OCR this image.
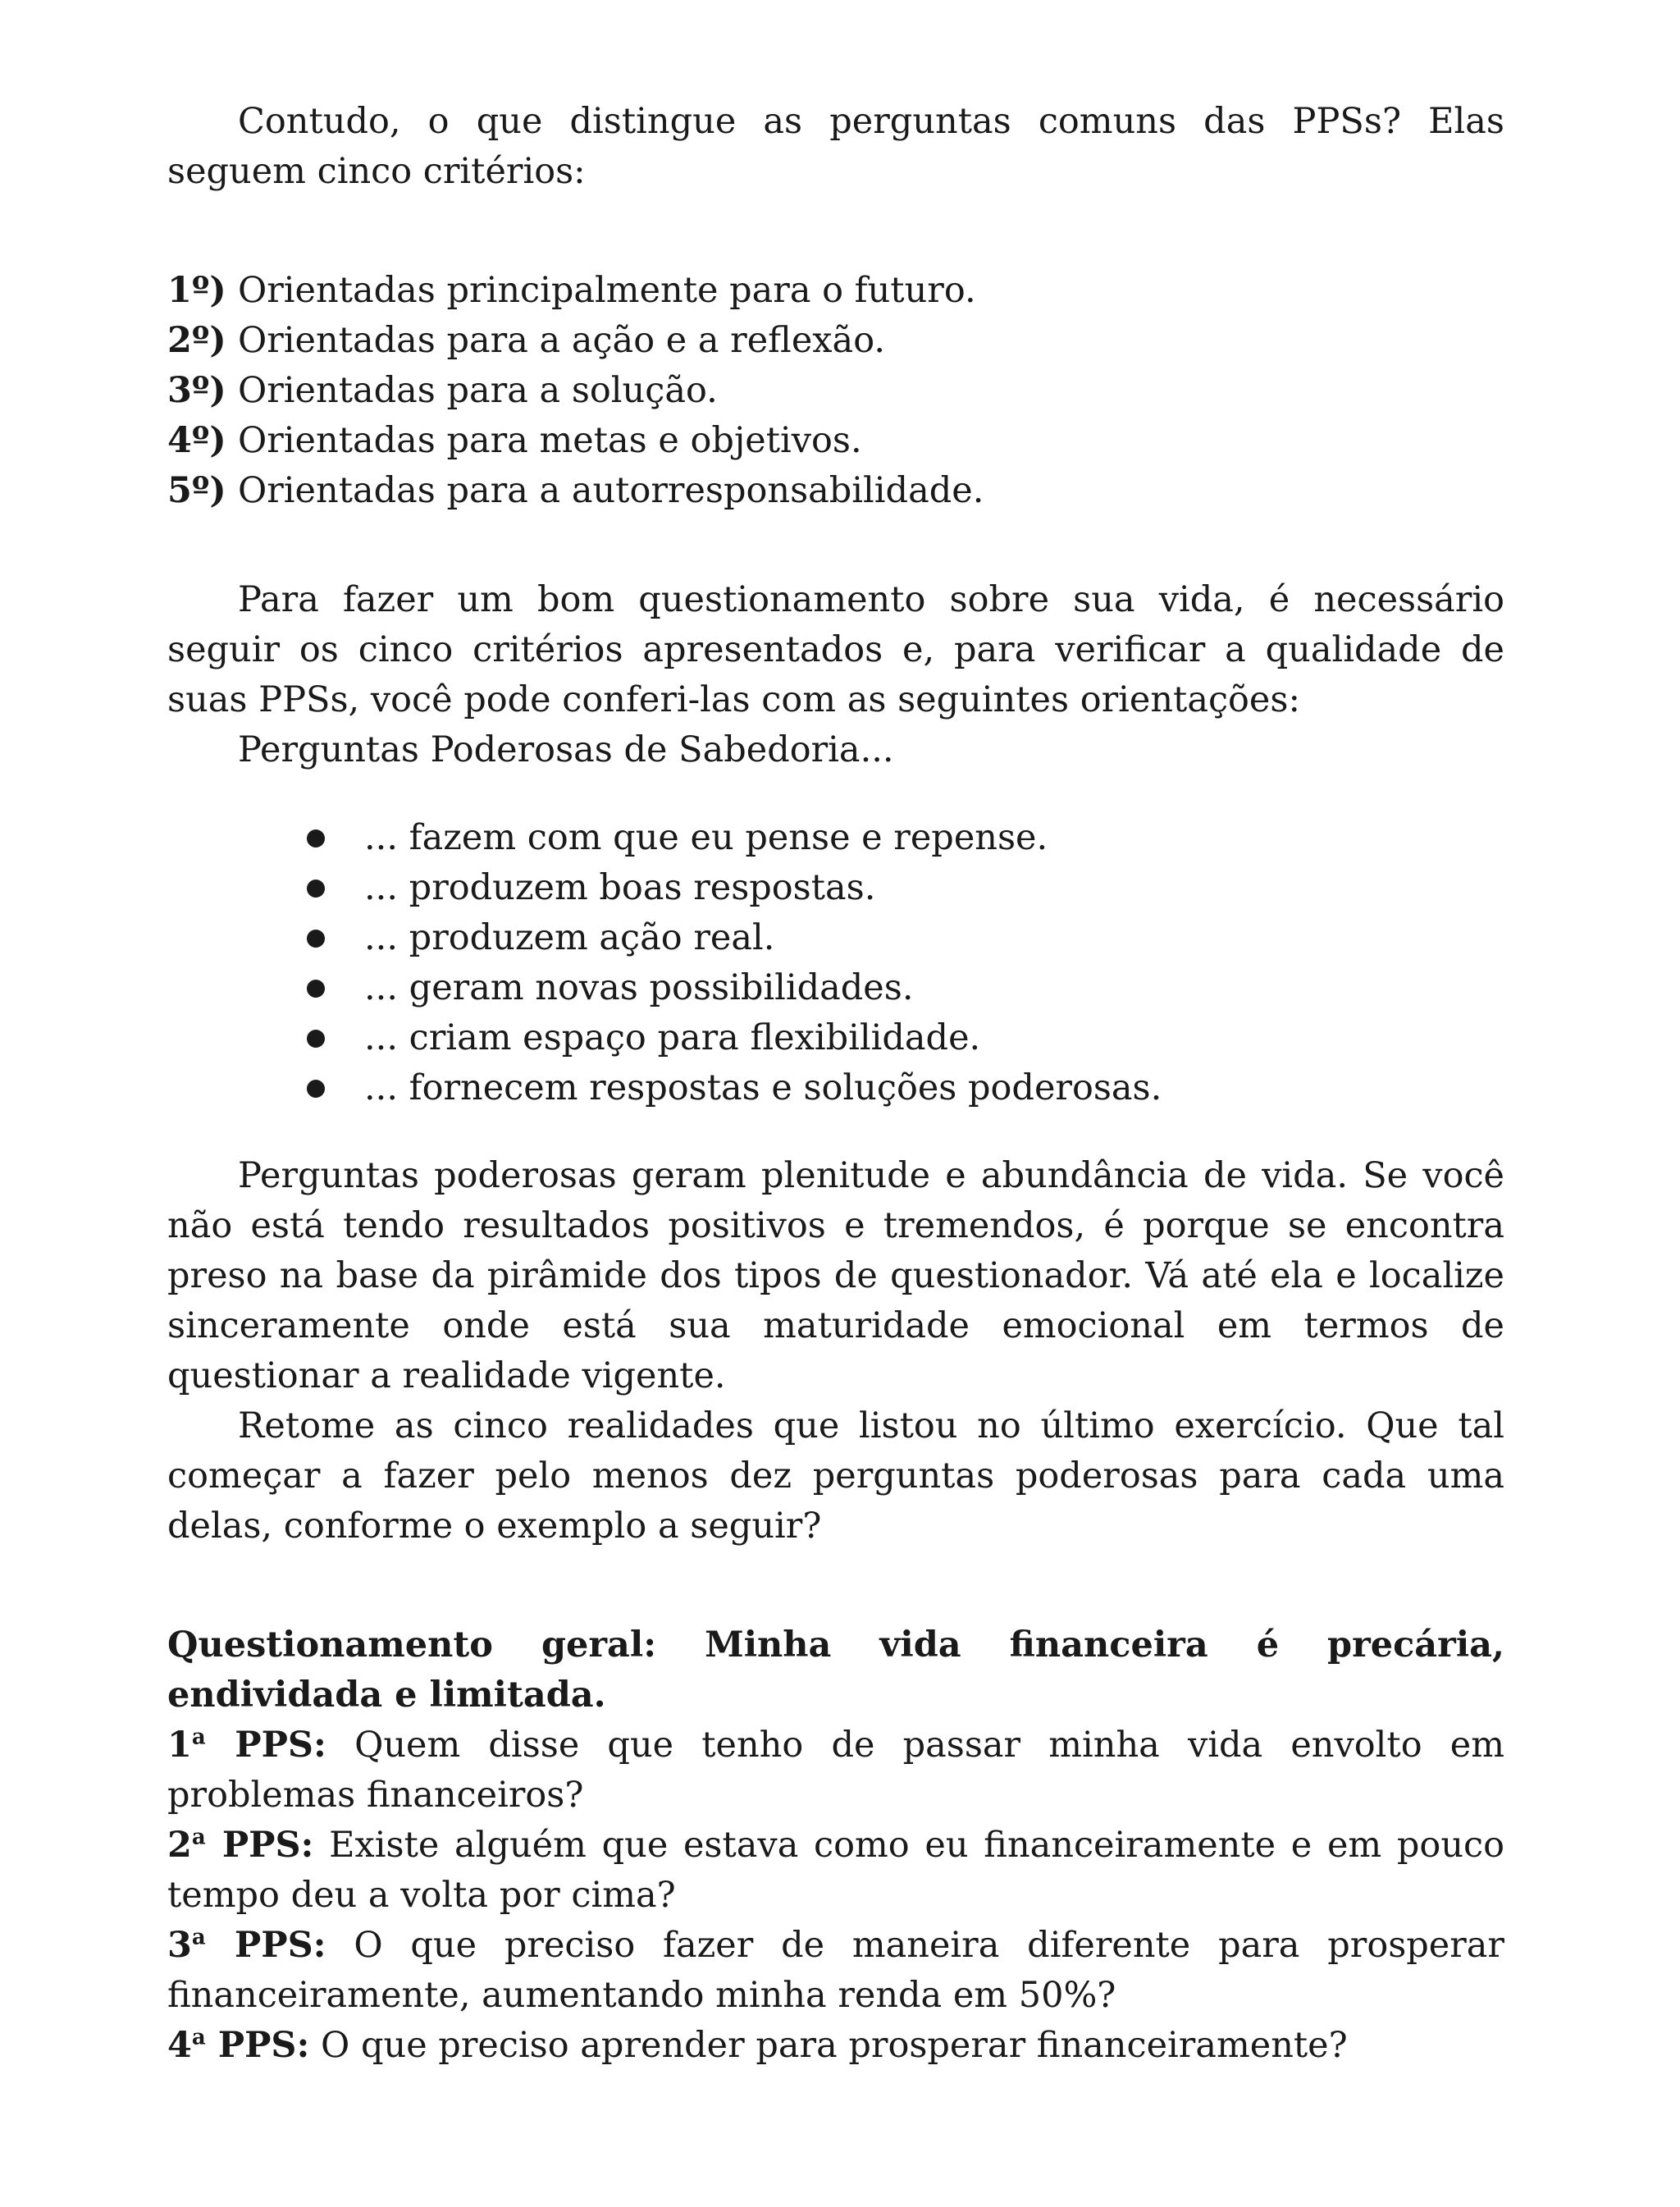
Contudo, o que distingue as perguntas comuns das PPSs? Elas seguem cinco critérios:

1º) Orientadas principalmente para o futuro.
2º) Orientadas para a ação e a reflexão.
3º) Orientadas para a solução.
4º) Orientadas para metas e objetivos.
5º) Orientadas para a autorresponsabilidade.

Para fazer um bom questionamento sobre sua vida, é necessário seguir os cinco critérios apresentados e, para verificar a qualidade de suas PPSs, você pode conferi-las com as seguintes orientações:

Perguntas Poderosas de Sabedoria...

... fazem com que eu pense e repense.
... produzem boas respostas.
... produzem ação real.
... geram novas possibilidades.
... criam espaço para flexibilidade.
... fornecem respostas e soluções poderosas.

Perguntas poderosas geram plenitude e abundância de vida. Se você não está tendo resultados positivos e tremendos, é porque se encontra preso na base da pirâmide dos tipos de questionador. Vá até ela e localize sinceramente onde está sua maturidade emocional em termos de questionar a realidade vigente.

Retome as cinco realidades que listou no último exercício. Que tal começar a fazer pelo menos dez perguntas poderosas para cada uma delas, conforme o exemplo a seguir?

Questionamento geral: Minha vida financeira é precária, endividada e limitada.

1$^a$ PPS: Quem disse que tenho de passar minha vida envolto em problemas financeiros?

2$^a$ PPS: Existe alguém que estava como eu financeiramente e em pouco tempo deu a volta por cima?

3$^a$ PPS: O que preciso fazer de maneira diferente para prosperar financeiramente, aumentando minha renda em 50%?

4$^a$ PPS: O que preciso aprender para prosperar financeiramente?
